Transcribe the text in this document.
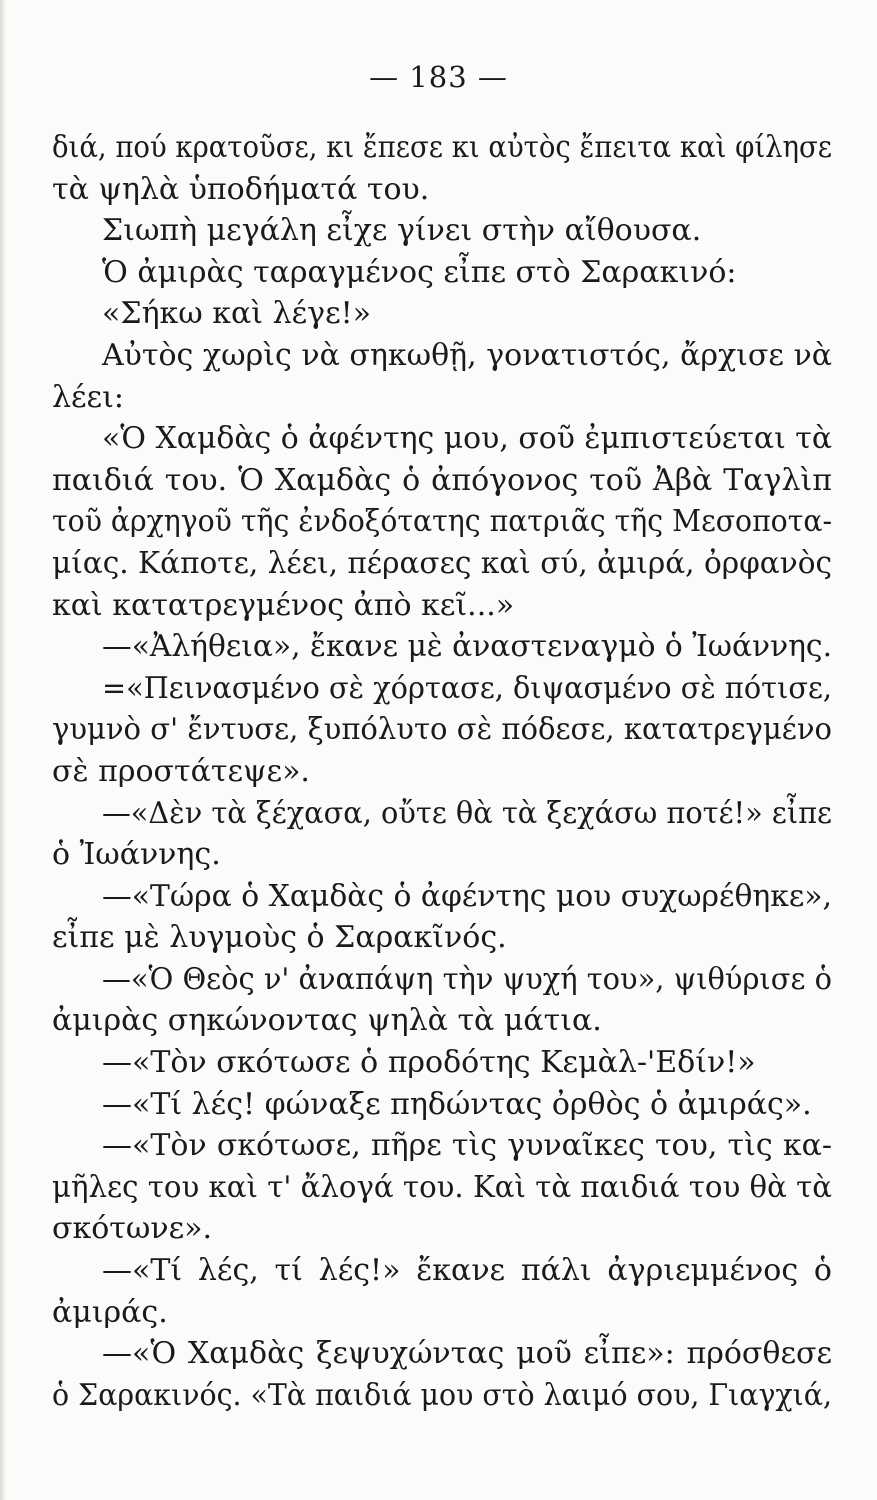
— 183 —
διά, πού κρατοῦσε, κι ἔπεσε κι αὐτὸς ἔπειτα καὶ φίλησε
τὰ ψηλὰ ὑποδήματά του.
Σιωπὴ μεγάλη εἶχε γίνει στὴν αἴθουσα.
Ὁ ἀμιρὰς ταραγμένος εἶπε στὸ Σαρακινό:
«Σήκω καὶ λέγε!»
Αὐτὸς χωρὶς νὰ σηκωθῇ, γονατιστός, ἄρχισε νὰ
λέει:
«Ὁ Χαμδὰς ὁ ἀφέντης μου, σοῦ ἐμπιστεύεται τὰ
παιδιά του. Ὁ Χαμδὰς ὁ ἀπόγονος τοῦ Ἀβὰ Ταγλὶπ
τοῦ ἀρχηγοῦ τῆς ἐνδοξότατης πατριᾶς τῆς Μεσοποτα-
μίας. Κάποτε, λέει, πέρασες καὶ σύ, ἀμιρά, ὀρφανὸς
καὶ κατατρεγμένος ἀπὸ κεῖ...»
—«Ἀλήθεια», ἔκανε μὲ ἀναστεναγμὸ ὁ Ἰωάννης.
=«Πεινασμένο σὲ χόρτασε, διψασμένο σὲ πότισε,
γυμνὸ σ' ἔντυσε, ξυπόλυτο σὲ πόδεσε, κατατρεγμένο
σὲ προστάτεψε».
—«Δὲν τὰ ξέχασα, οὔτε θὰ τὰ ξεχάσω ποτέ!» εἶπε
ὁ Ἰωάννης.
—«Τώρα ὁ Χαμδὰς ὁ ἀφέντης μου συχωρέθηκε»,
εἶπε μὲ λυγμοὺς ὁ Σαρακῖνός.
—«Ὁ Θεὸς ν' ἀναπάψη τὴν ψυχή του», ψιθύρισε ὁ
ἀμιρὰς σηκώνοντας ψηλὰ τὰ μάτια.
—«Τὸν σκότωσε ὁ προδότης Κεμὰλ-'Εδίν!»
—«Τί λές! φώναξε πηδώντας ὀρθὸς ὁ ἀμιράς».
—«Τὸν σκότωσε, πῆρε τὶς γυναῖκες του, τὶς κα-
μῆλες του καὶ τ' ἄλογά του. Καὶ τὰ παιδιά του θὰ τὰ
σκότωνε».
—«Τί λές, τί λές!» ἔκανε πάλι ἀγριεμμένος ὁ
ἀμιράς.
—«Ὁ Χαμδὰς ξεψυχώντας μοῦ εἶπε»: πρόσθεσε
ὁ Σαρακινός. «Τὰ παιδιά μου στὸ λαιμό σου, Γιαγχιά,
